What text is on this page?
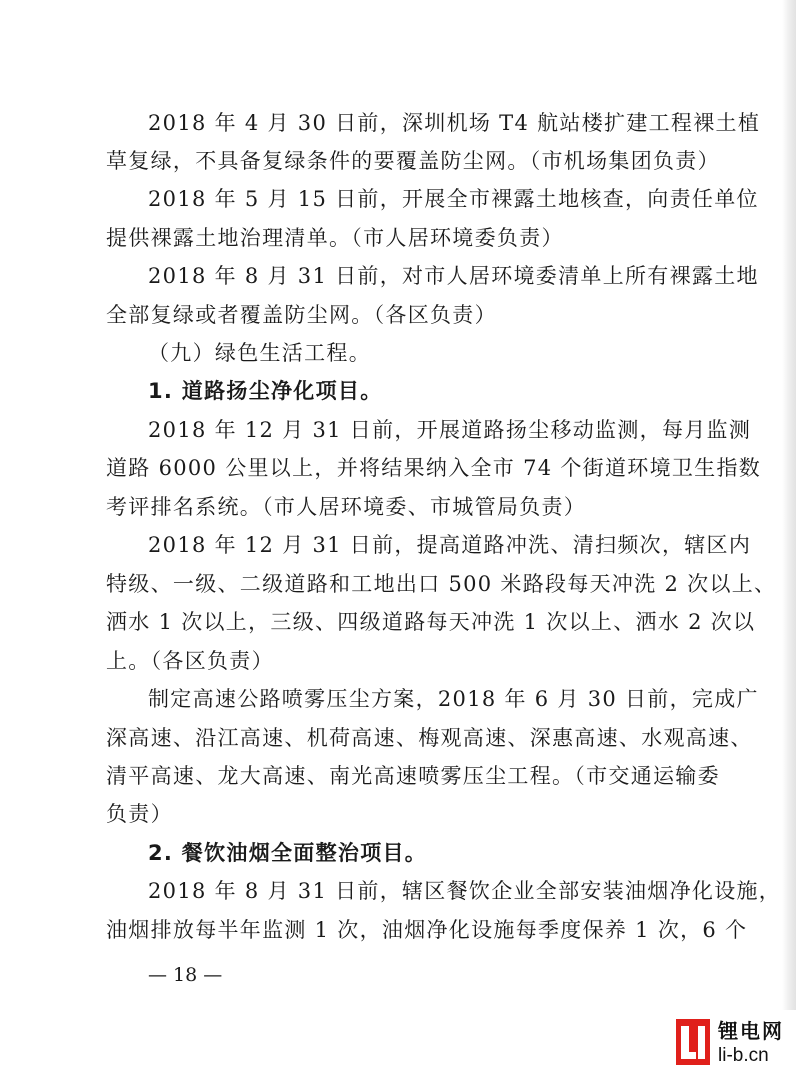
2018 年 4 月 30 日前，深圳机场 T4 航站楼扩建工程裸土植
草复绿，不具备复绿条件的要覆盖防尘网。（市机场集团负责）
2018 年 5 月 15 日前，开展全市裸露土地核查，向责任单位
提供裸露土地治理清单。（市人居环境委负责）
2018 年 8 月 31 日前，对市人居环境委清单上所有裸露土地
全部复绿或者覆盖防尘网。（各区负责）
（九）绿色生活工程。
1. 道路扬尘净化项目。
2018 年 12 月 31 日前，开展道路扬尘移动监测，每月监测
道路 6000 公里以上，并将结果纳入全市 74 个街道环境卫生指数
考评排名系统。（市人居环境委、市城管局负责）
2018 年 12 月 31 日前，提高道路冲洗、清扫频次，辖区内
特级、一级、二级道路和工地出口 500 米路段每天冲洗 2 次以上、
洒水 1 次以上，三级、四级道路每天冲洗 1 次以上、洒水 2 次以
上。（各区负责）
制定高速公路喷雾压尘方案，2018 年 6 月 30 日前，完成广
深高速、沿江高速、机荷高速、梅观高速、深惠高速、水观高速、
清平高速、龙大高速、南光高速喷雾压尘工程。（市交通运输委
负责）
2. 餐饮油烟全面整治项目。
2018 年 8 月 31 日前，辖区餐饮企业全部安装油烟净化设施，
油烟排放每半年监测 1 次，油烟净化设施每季度保养 1 次，6 个
— 18 —
锂电网
li-b.cn
